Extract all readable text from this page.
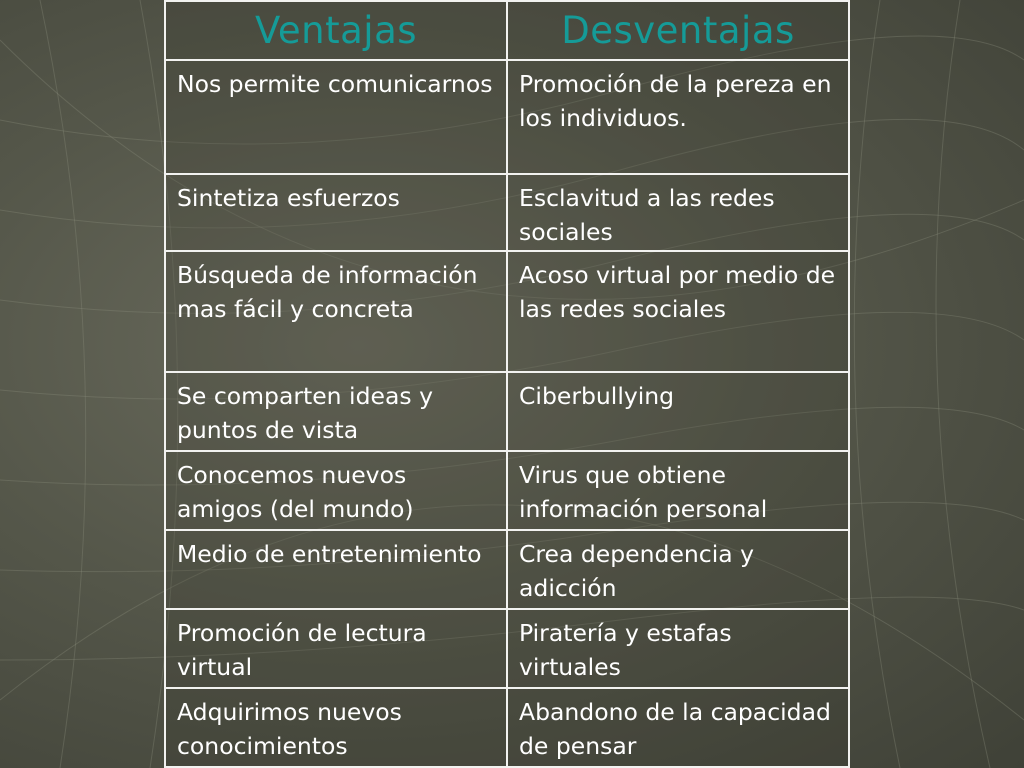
Ventajas	Desventajas

Nos permite comunicarnos	Promoción de la pereza en los individuos.

Sintetiza esfuerzos	Esclavitud a las redes sociales

Búsqueda de información mas fácil y concreta	Acoso virtual por medio de las redes sociales

Se comparten ideas y puntos de vista	Ciberbullying

Conocemos nuevos amigos (del mundo)	Virus que obtiene información personal

Medio de entretenimiento	Crea dependencia y adicción

Promoción de lectura virtual	Piratería y estafas virtuales

Adquirimos nuevos conocimientos	Abandono de la capacidad de pensar
